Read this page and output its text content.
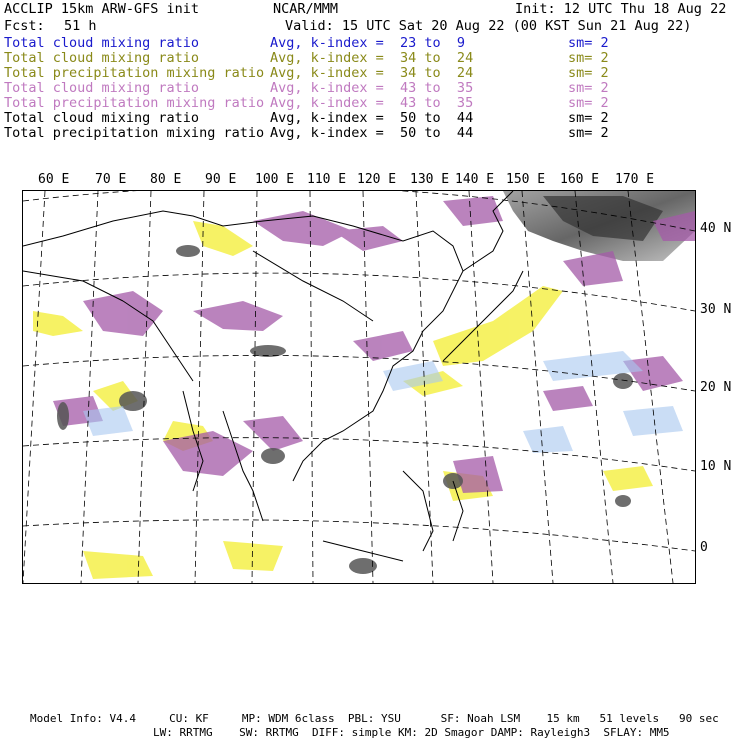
ACCLIP 15km ARW-GFS init	NCAR/MMM	Init: 12 UTC Thu 18 Aug 22
Fcst: 51 h	Valid: 15 UTC Sat 20 Aug 22 (00 KST Sun 21 Aug 22)
Total cloud mixing ratio	Avg, k-index =  23 to  9	sm= 2
Total cloud mixing ratio	Avg, k-index =  34 to  24	sm= 2
Total precipitation mixing ratio Avg, k-index =  34 to  24	sm= 2
Total cloud mixing ratio	Avg, k-index =  43 to  35	sm= 2
Total precipitation mixing ratio Avg, k-index =  43 to  35	sm= 2
Total cloud mixing ratio	Avg, k-index =  50 to  44	sm= 2
Total precipitation mixing ratio Avg, k-index =  50 to  44	sm= 2
60 E 70 E 80 E 90 E 100 E 110 E 120 E 130 E 140 E 150 E 160 E 170 E
40 N
30 N
20 N
10 N
0
Model Info: V4.4     CU: KF     MP: WDM 6class  PBL: YSU      SF: Noah LSM    15 km   51 levels   90 sec
LW: RRTMG    SW: RRTMG  DIFF: simple KM: 2D Smagor DAMP: Rayleigh3  SFLAY: MM5
